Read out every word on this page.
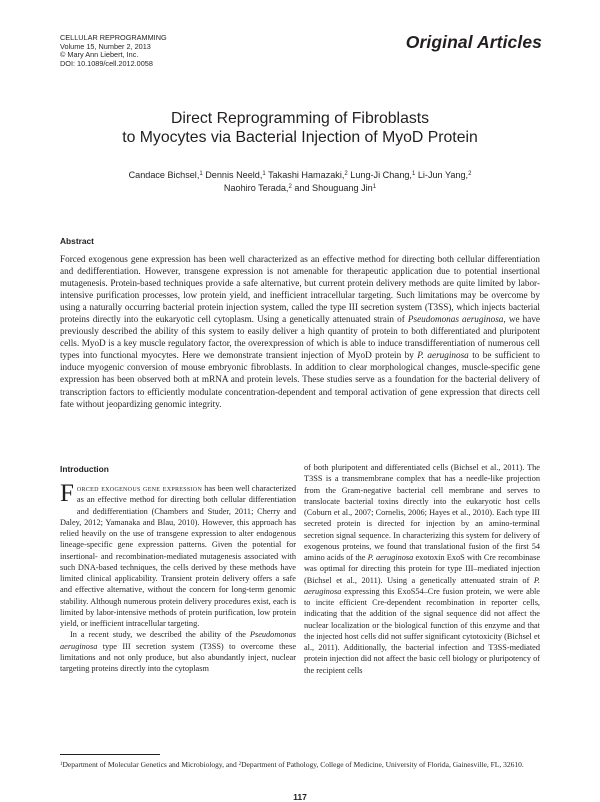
CELLULAR REPROGRAMMING
Volume 15, Number 2, 2013
© Mary Ann Liebert, Inc.
DOI: 10.1089/cell.2012.0058
Original Articles
Direct Reprogramming of Fibroblasts
to Myocytes via Bacterial Injection of MyoD Protein
Candace Bichsel,$^1$ Dennis Neeld,$^1$ Takashi Hamazaki,$^2$ Lung-Ji Chang,$^1$ Li-Jun Yang,$^2$
Naohiro Terada,$^2$ and Shouguang Jin$^1$
Abstract

Forced exogenous gene expression has been well characterized as an effective method for directing both cellular differentiation and dedifferentiation. However, transgene expression is not amenable for therapeutic application due to potential insertional mutagenesis. Protein-based techniques provide a safe alternative, but current protein delivery methods are quite limited by labor-intensive purification processes, low protein yield, and inefficient intracellular targeting. Such limitations may be overcome by using a naturally occurring bacterial protein injection system, called the type III secretion system (T3SS), which injects bacterial proteins directly into the eukaryotic cell cytoplasm. Using a genetically attenuated strain of Pseudomonas aeruginosa, we have previously described the ability of this system to easily deliver a high quantity of protein to both differentiated and pluripotent cells. MyoD is a key muscle regulatory factor, the overexpression of which is able to induce transdifferentiation of numerous cell types into functional myocytes. Here we demonstrate transient injection of MyoD protein by P. aeruginosa to be sufficient to induce myogenic conversion of mouse embryonic fibroblasts. In addition to clear morphological changes, muscle-specific gene expression has been observed both at mRNA and protein levels. These studies serve as a foundation for the bacterial delivery of transcription factors to efficiently modulate concentration-dependent and temporal activation of gene expression that directs cell fate without jeopardizing genomic integrity.

Introduction

Forced exogenous gene expression has been well characterized as an effective method for directing both cellular differentiation and dedifferentiation (Chambers and Studer, 2011; Cherry and Daley, 2012; Yamanaka and Blau, 2010). However, this approach has relied heavily on the use of transgene expression to alter endogenous lineage-specific gene expression patterns. Given the potential for insertional- and recombination-mediated mutagenesis associated with such DNA-based techniques, the cells derived by these methods have limited clinical applicability. Transient protein delivery offers a safe and effective alternative, without the concern for long-term genomic stability. Although numerous protein delivery procedures exist, each is limited by labor-intensive methods of protein purification, low protein yield, or inefficient intracellular targeting.

In a recent study, we described the ability of the Pseudomonas aeruginosa type III secretion system (T3SS) to overcome these limitations and not only produce, but also abundantly inject, nuclear targeting proteins directly into the cytoplasm

of both pluripotent and differentiated cells (Bichsel et al., 2011). The T3SS is a transmembrane complex that has a needle-like projection from the Gram-negative bacterial cell membrane and serves to translocate bacterial toxins directly into the eukaryotic host cells (Coburn et al., 2007; Cornelis, 2006; Hayes et al., 2010). Each type III secreted protein is directed for injection by an amino-terminal secretion signal sequence. In characterizing this system for delivery of exogenous proteins, we found that translational fusion of the first 54 amino acids of the P. aeruginosa exotoxin ExoS with Cre recombinase was optimal for directing this protein for type III–mediated injection (Bichsel et al., 2011). Using a genetically attenuated strain of P. aeruginosa expressing this ExoS54–Cre fusion protein, we were able to incite efficient Cre-dependent recombination in reporter cells, indicating that the addition of the signal sequence did not affect the nuclear localization or the biological function of this enzyme and that the injected host cells did not suffer significant cytotoxicity (Bichsel et al., 2011). Additionally, the bacterial infection and T3SS-mediated protein injection did not affect the basic cell biology or pluripotency of the recipient cells

$^1$Department of Molecular Genetics and Microbiology, and $^2$Department of Pathology, College of Medicine, University of Florida, Gainesville, FL, 32610.

117
